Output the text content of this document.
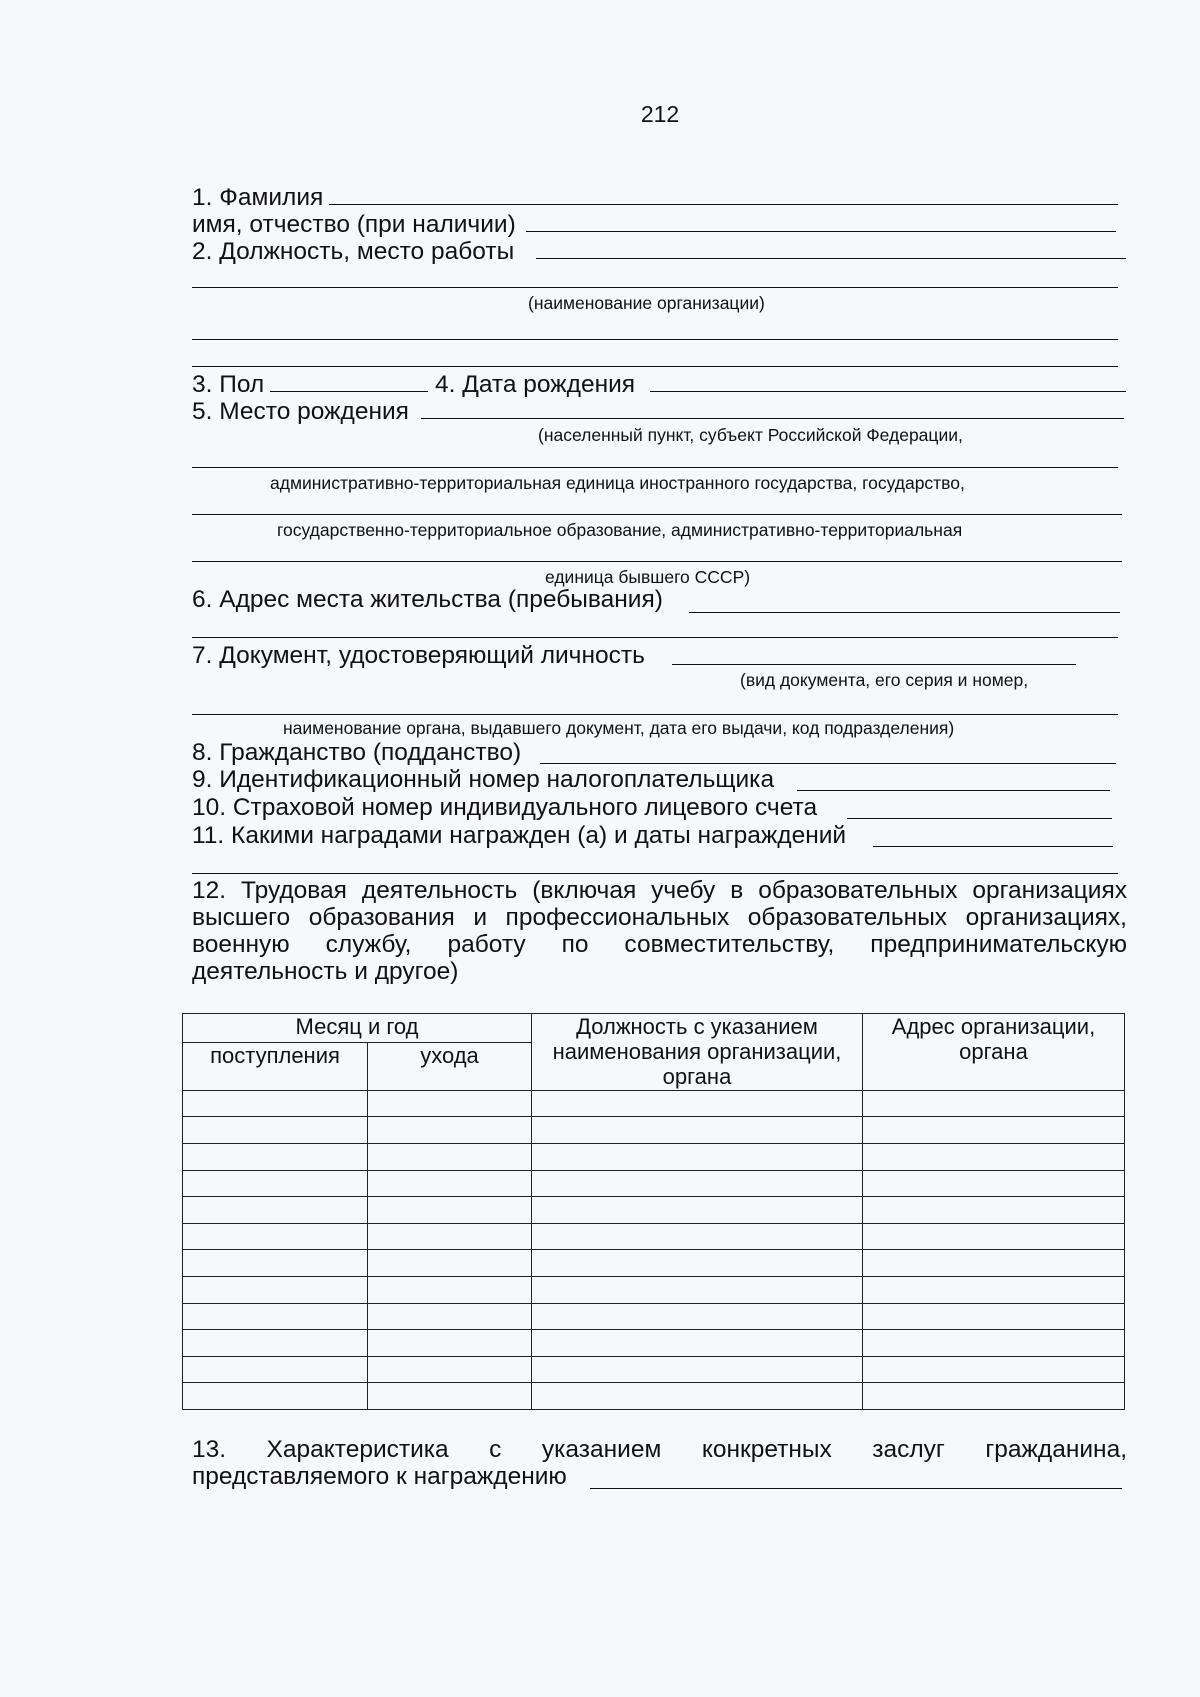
212
1. Фамилия
имя, отчество (при наличии)
2. Должность, место работы
(наименование организации)
3. Пол	4. Дата рождения
5. Место рождения
(населенный пункт, субъект Российской Федерации,
административно-территориальная единица иностранного государства, государство,
государственно-территориальное образование, административно-территориальная
единица бывшего СССР)
6. Адрес места жительства (пребывания)
7. Документ, удостоверяющий личность
(вид документа, его серия и номер,
наименование органа, выдавшего документ, дата его выдачи, код подразделения)
8. Гражданство (подданство)
9. Идентификационный номер налогоплательщика
10. Страховой номер индивидуального лицевого счета
11. Какими наградами награжден (а) и даты награждений
12. Трудовая деятельность (включая учебу в образовательных организациях высшего образования и профессиональных образовательных организациях, военную службу, работу по совместительству, предпринимательскую деятельность и другое)
Месяц и год		Должность с указанием наименования организации, органа	Адрес организации, органа
поступления	ухода		

13. Характеристика с указанием конкретных заслуг гражданина, представляемого к награждению
